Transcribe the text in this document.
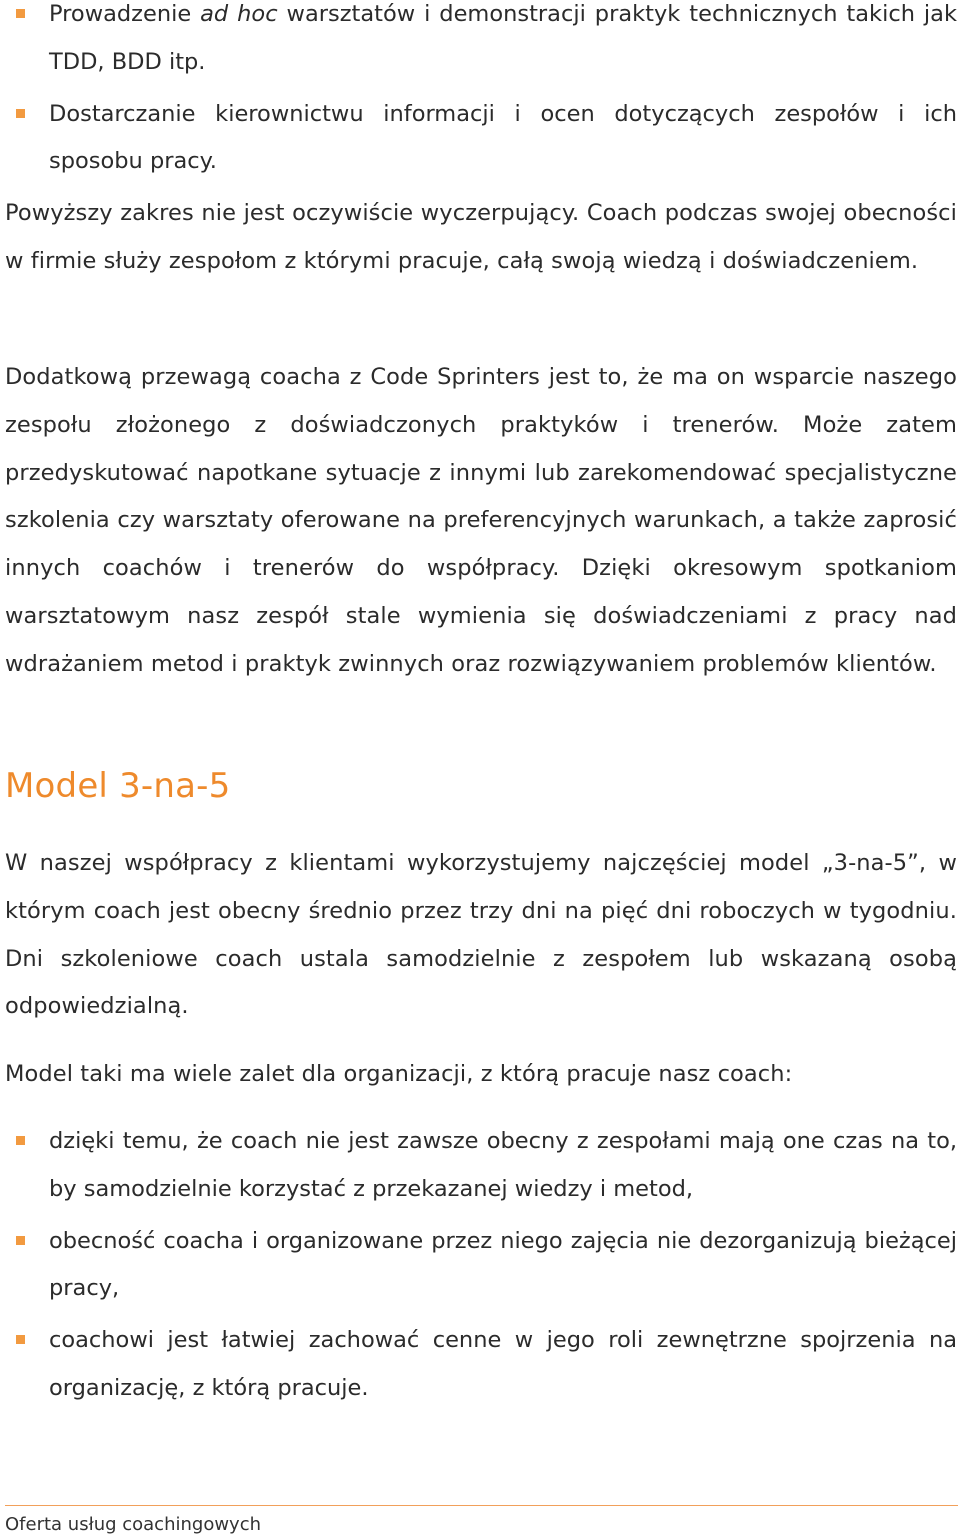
Prowadzenie ad hoc warsztatów i demonstracji praktyk technicznych takich jak TDD, BDD itp.
Dostarczanie kierownictwu informacji i ocen dotyczących zespołów i ich sposobu pracy.

Powyższy zakres nie jest oczywiście wyczerpujący. Coach podczas swojej obecności w firmie służy zespołom z którymi pracuje, całą swoją wiedzą i doświadczeniem.

Dodatkową przewagą coacha z Code Sprinters jest to, że ma on wsparcie naszego zespołu złożonego z doświadczonych praktyków i trenerów. Może zatem przedyskutować napotkane sytuacje z innymi lub zarekomendować specjalistyczne szkolenia czy warsztaty oferowane na preferencyjnych warunkach, a także zaprosić innych coachów i trenerów do współpracy. Dzięki okresowym spotkaniom warsztatowym nasz zespół stale wymienia się doświadczeniami z pracy nad wdrażaniem metod i praktyk zwinnych oraz rozwiązywaniem problemów klientów.

Model 3-na-5

W naszej współpracy z klientami wykorzystujemy najczęściej model „3-na-5”, w którym coach jest obecny średnio przez trzy dni na pięć dni roboczych w tygodniu. Dni szkoleniowe coach ustala samodzielnie z zespołem lub wskazaną osobą odpowiedzialną.

Model taki ma wiele zalet dla organizacji, z którą pracuje nasz coach:

dzięki temu, że coach nie jest zawsze obecny z zespołami mają one czas na to, by samodzielnie korzystać z przekazanej wiedzy i metod,
obecność coacha i organizowane przez niego zajęcia nie dezorganizują bieżącej pracy,
coachowi jest łatwiej zachować cenne w jego roli zewnętrzne spojrzenia na organizację, z którą pracuje.
Oferta usług coachingowych
